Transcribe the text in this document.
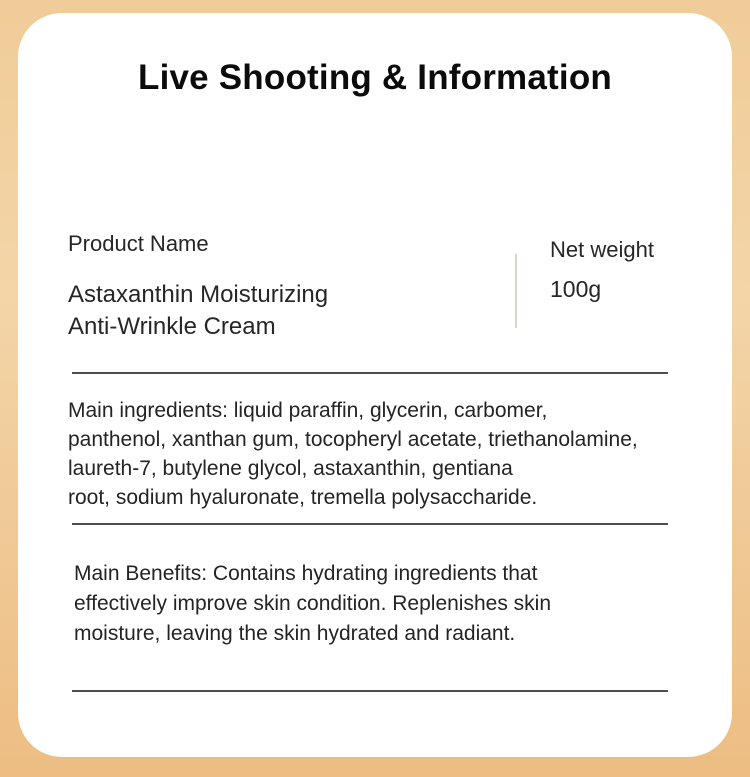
Live Shooting & Information
Product Name
Astaxanthin Moisturizing
Anti-Wrinkle Cream
Net weight
100g
Main ingredients: liquid paraffin, glycerin, carbomer,
panthenol, xanthan gum, tocopheryl acetate, triethanolamine,
laureth-7, butylene glycol, astaxanthin, gentiana
root, sodium hyaluronate, tremella polysaccharide.
Main Benefits: Contains hydrating ingredients that
effectively improve skin condition. Replenishes skin
moisture, leaving the skin hydrated and radiant.
